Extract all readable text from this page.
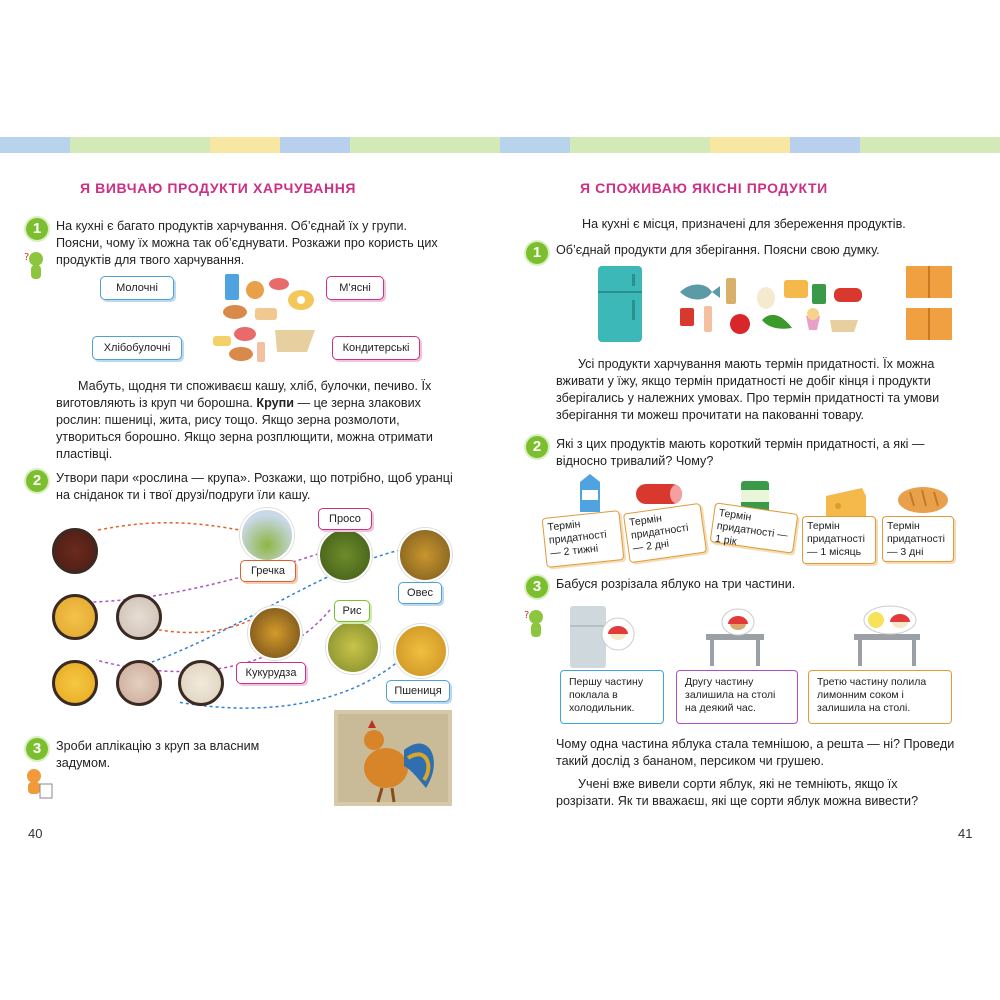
Я ВИВЧАЮ ПРОДУКТИ ХАРЧУВАННЯ
1
?
На кухні є багато продуктів харчування. Об’єднай їх у групи. Поясни, чому їх можна так об’єднувати. Розкажи про користь цих продуктів для твого харчування.
Молочні	М’ясні
Хлібобулочні	Кондитерські
Мабуть, щодня ти споживаєш кашу, хліб, булочки, печиво. Їх виготовляють із круп чи борошна. Крупи — це зерна злакових рослин: пшениці, жита, рису тощо. Якщо зерна розмолоти, утвориться борошно. Якщо зерна розплющити, можна отримати пластівці.
2	Утвори пари «рослина — крупа». Розкажи, що потрібно, щоб уранці на сніданок ти і твої друзі/подруги їли кашу.
Просо
Гречка
Овес
Рис
Кукурудза
Пшениця
3	Зроби аплікацію з круп за власним задумом.
40
Я СПОЖИВАЮ ЯКІСНІ ПРОДУКТИ
На кухні є місця, призначені для збереження продуктів.
1	Об’єднай продукти для зберігання. Поясни свою думку.
Усі продукти харчування мають термін придатності. Їх можна вживати у їжу, якщо термін придатності не добіг кінця і продукти зберігались у належних умовах. Про термін придатності та умови зберігання ти можеш прочитати на пакованні товару.
2	Які з цих продуктів мають короткий термін придатності, а які — відносно тривалий? Чому?
Термін придатності — 2 тижні
Термін придатності — 2 дні
Термін придатності — 1 рік
Термін придатності — 1 місяць
Термін придатності — 3 дні
3
?
Бабуся розрізала яблуко на три частини.
Першу частину поклала в холодильник.
Другу частину залишила на столі на деякий час.
Третю частину полила лимонним соком і залишила на столі.
Чому одна частина яблука стала темнішою, а решта — ні? Проведи такий дослід з бананом, персиком чи грушею.
Учені вже вивели сорти яблук, які не темніють, якщо їх розрізати. Як ти вважаєш, які ще сорти яблук можна вивести?
41
